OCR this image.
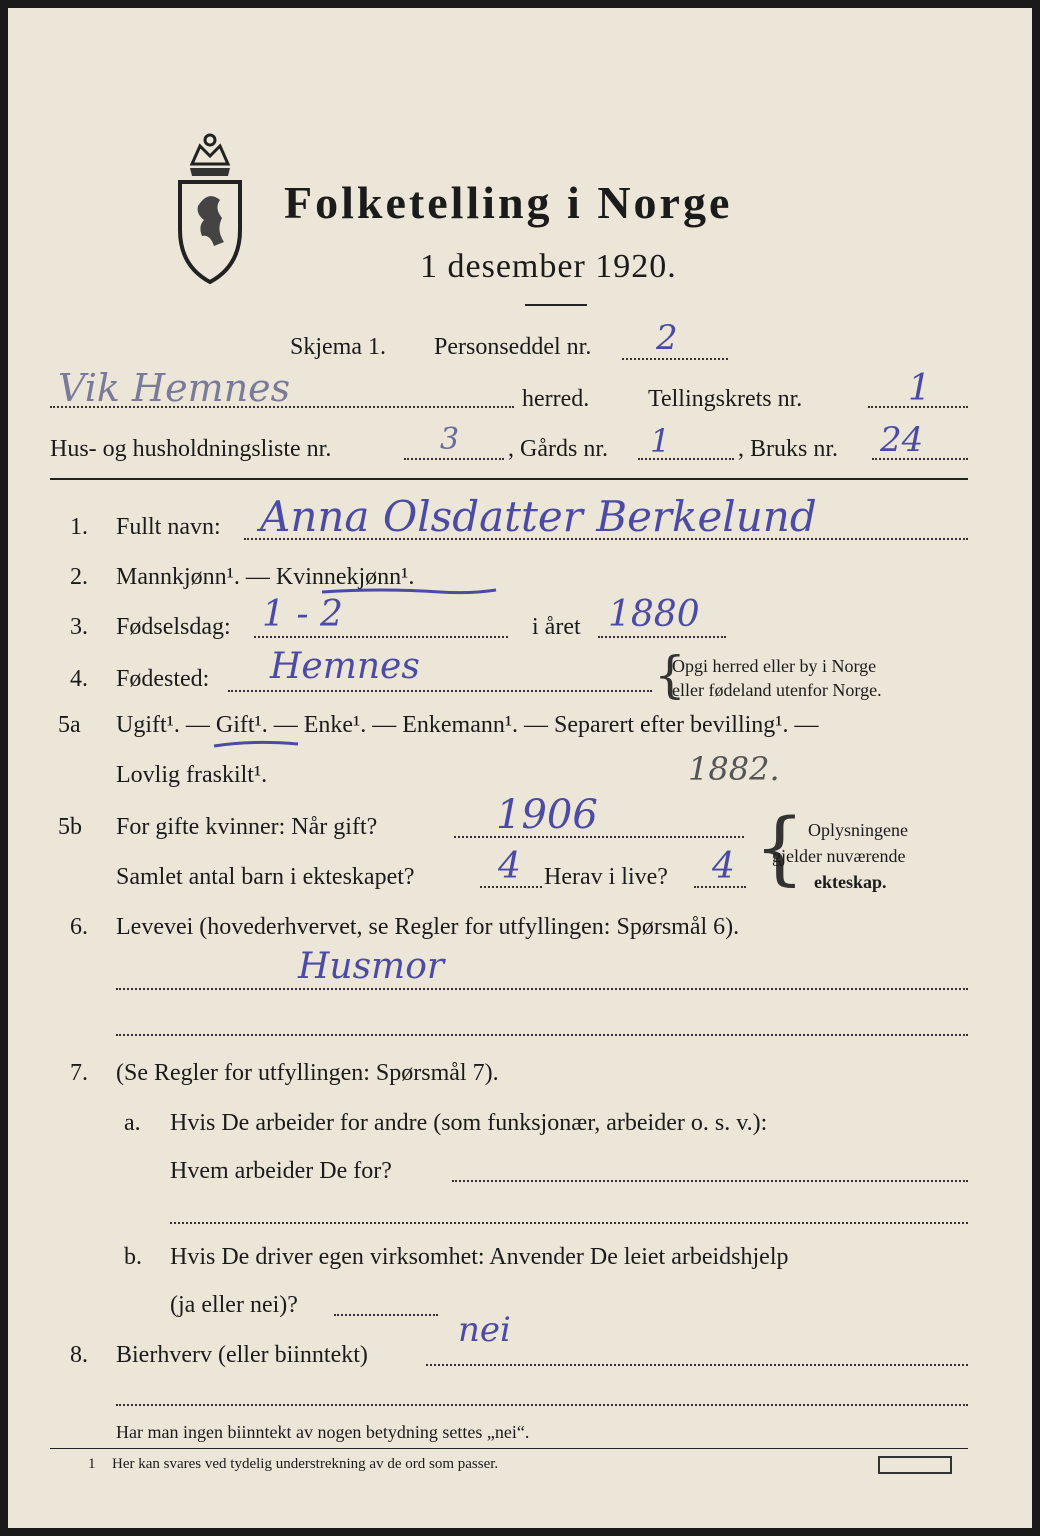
Folketelling i Norge
1 desember 1920.
Skjema 1. Personseddel nr. 2
Vik Hemnes	herred. Tellingskrets nr.	1
Hus- og husholdningsliste nr.	3 , Gårds nr. 1	, Bruks nr. 24
1. Fullt navn: Anna Olsdatter Berkelund
2. Mannkjønn¹. — Kvinnekjønn¹.
3. Fødselsdag: 1 - 2	i året 1880
4. Fødested: Hemnes	{
Opgi herred eller by i Norge
eller fødeland utenfor Norge.
5a Ugift¹. — Gift¹. — Enke¹. — Enkemann¹. — Separert efter bevilling¹. —
Lovlig fraskilt¹.	1882.
5b For gifte kvinner: Når gift?	1906
Samlet antal barn i ekteskapet? 4 Herav i live? 4 { Oplysningene
gjelder nuværende
ekteskap.
6. Levevei (hovederhvervet, se Regler for utfyllingen: Spørsmål 6).
Husmor
7. (Se Regler for utfyllingen: Spørsmål 7).
a. Hvis De arbeider for andre (som funksjonær, arbeider o. s. v.):
Hvem arbeider De for?
b. Hvis De driver egen virksomhet: Anvender De leiet arbeidshjelp
(ja eller nei)?
8. Bierhverv (eller biinntekt)
nei
Har man ingen biinntekt av nogen betydning settes „nei“.
1 Her kan svares ved tydelig understrekning av de ord som passer.
